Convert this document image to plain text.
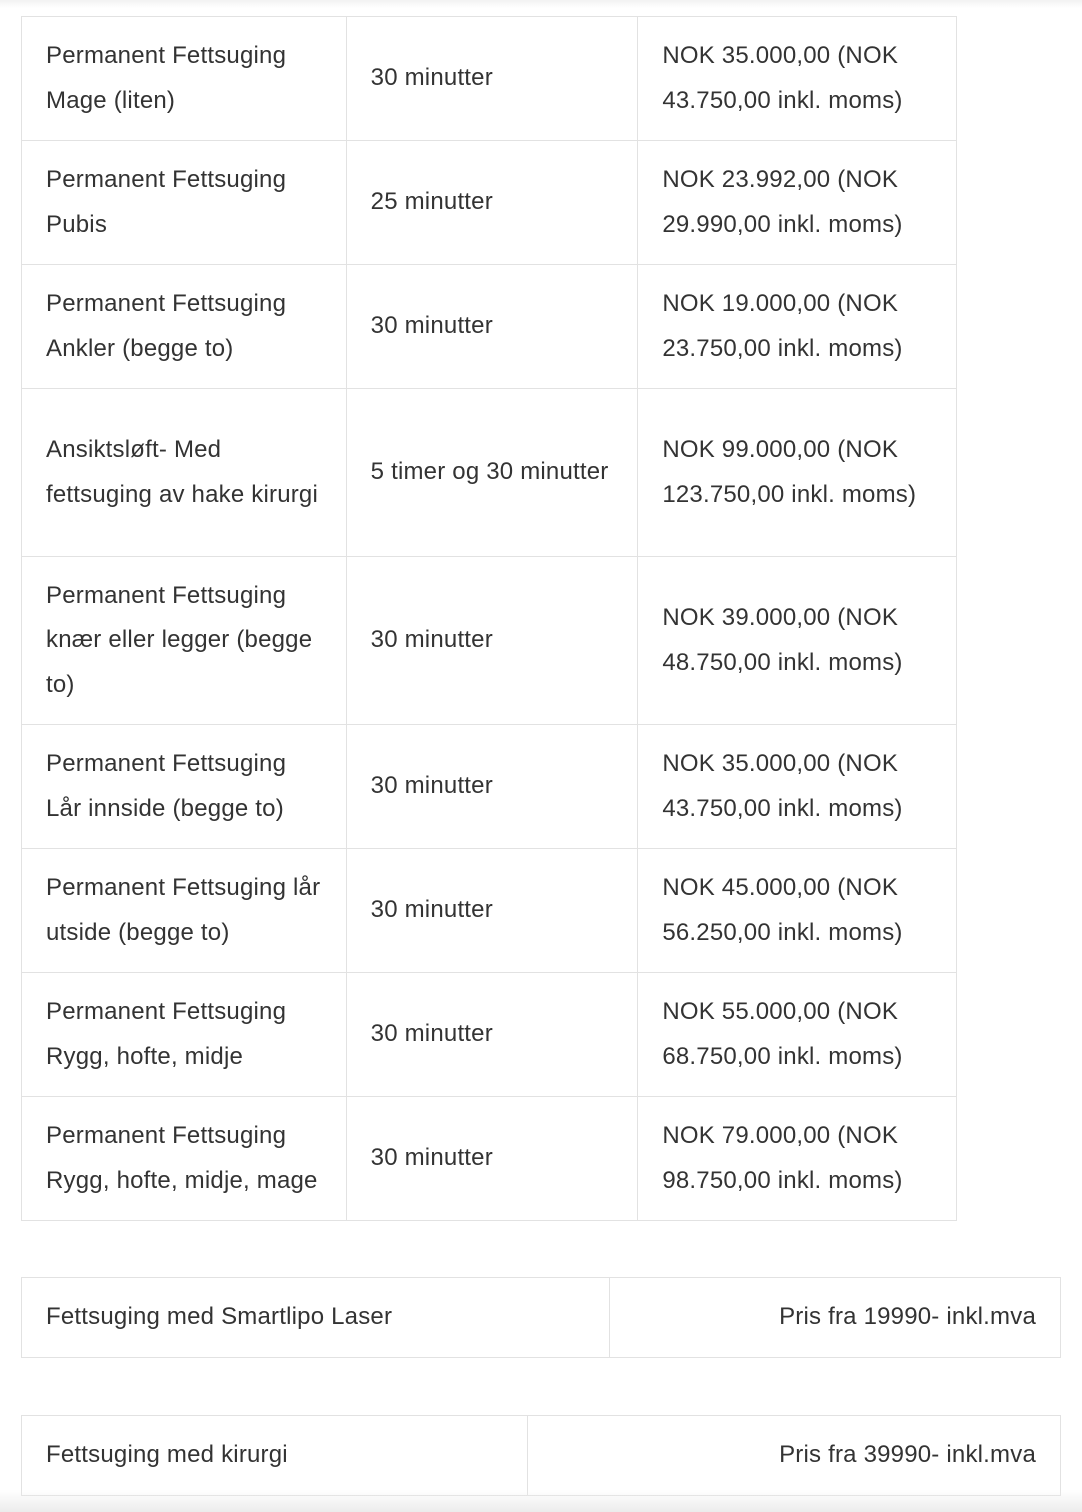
Permanent Fettsuging Mage (liten)	30 minutter	NOK 35.000,00 (NOK 43.750,00 inkl. moms)
Permanent Fettsuging Pubis	25 minutter	NOK 23.992,00 (NOK 29.990,00 inkl. moms)
Permanent Fettsuging Ankler (begge to)	30 minutter	NOK 19.000,00 (NOK 23.750,00 inkl. moms)
Ansiktsløft- Med fettsuging av hake kirurgi	5 timer og 30 minutter	NOK 99.000,00 (NOK 123.750,00 inkl. moms)
Permanent Fettsuging knær eller legger (begge to)	30 minutter	NOK 39.000,00 (NOK 48.750,00 inkl. moms)
Permanent Fettsuging Lår innside (begge to)	30 minutter	NOK 35.000,00 (NOK 43.750,00 inkl. moms)
Permanent Fettsuging lår utside (begge to)	30 minutter	NOK 45.000,00 (NOK 56.250,00 inkl. moms)
Permanent Fettsuging Rygg, hofte, midje	30 minutter	NOK 55.000,00 (NOK 68.750,00 inkl. moms)
Permanent Fettsuging Rygg, hofte, midje, mage	30 minutter	NOK 79.000,00 (NOK 98.750,00 inkl. moms)
Fettsuging med Smartlipo Laser	Pris fra 19990- inkl.mva
Fettsuging med kirurgi	Pris fra 39990- inkl.mva
